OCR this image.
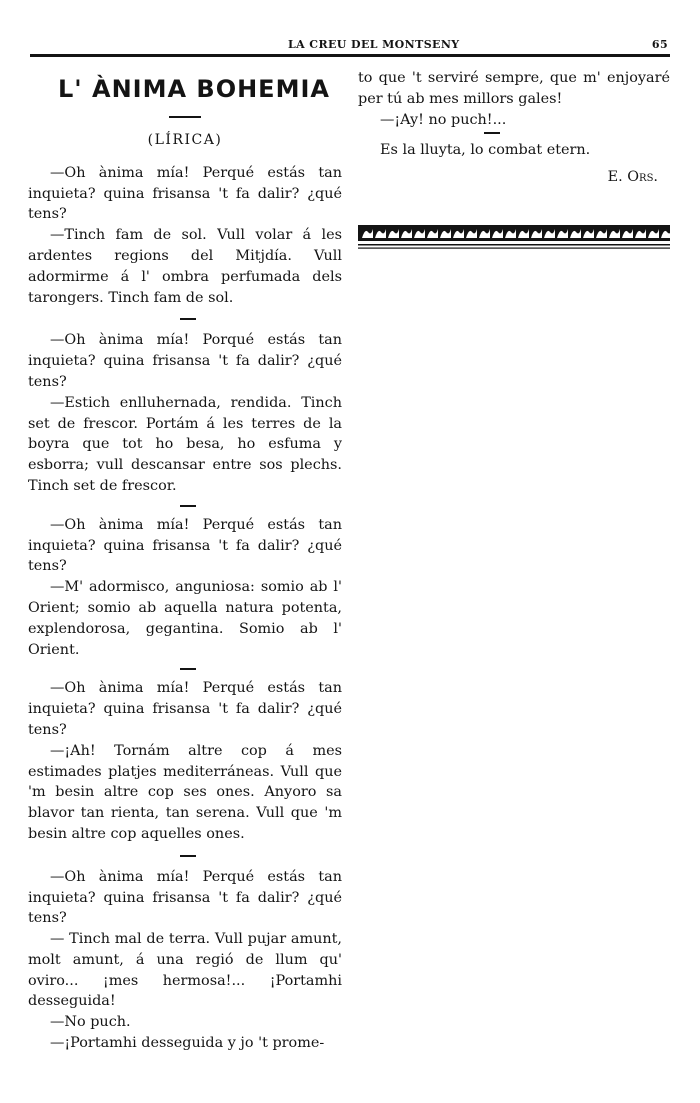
LA CREU DEL MONTSENY	65
L' ÀNIMA BOHEMIA
(LÍRICA)

—Oh ànima mía! Perqué estás tan inquieta? quina frisansa 't fa dalir? ¿qué tens?

—Tinch fam de sol. Vull volar á les ardentes regions del Mitjdía. Vull adormirme á l' ombra perfumada dels tarongers. Tinch fam de sol.

—Oh ànima mía! Porqué estás tan inquieta? quina frisansa 't fa dalir? ¿qué tens?

—Estich enlluhernada, rendida. Tinch set de frescor. Portám á les terres de la boyra que tot ho besa, ho esfuma y esborra; vull descansar entre sos plechs. Tinch set de frescor.

—Oh ànima mía! Perqué estás tan inquieta? quina frisansa 't fa dalir? ¿qué tens?

—M' adormisco, anguniosa: somio ab l' Orient; somio ab aquella natura potenta, explendorosa, gegantina. Somio ab l' Orient.

—Oh ànima mía! Perqué estás tan inquieta? quina frisansa 't fa dalir? ¿qué tens?

—¡Ah! Tornám altre cop á mes estimades platjes mediterráneas. Vull que 'm besin altre cop ses ones. Anyoro sa blavor tan rienta, tan serena. Vull que 'm besin altre cop aquelles ones.

—Oh ànima mía! Perqué estás tan inquieta? quina frisansa 't fa dalir? ¿qué tens?

— Tinch mal de terra. Vull pujar amunt, molt amunt, á una regió de llum qu' oviro... ¡mes hermosa!... ¡Portamhi desseguida!

—No puch.

—¡Portamhi desseguida y jo 't prome-

to que 't serviré sempre, que m' enjoyaré per tú ab mes millors gales!

—¡Ay! no puch!...

Es la lluyta, lo combat etern.

E. Ors.
